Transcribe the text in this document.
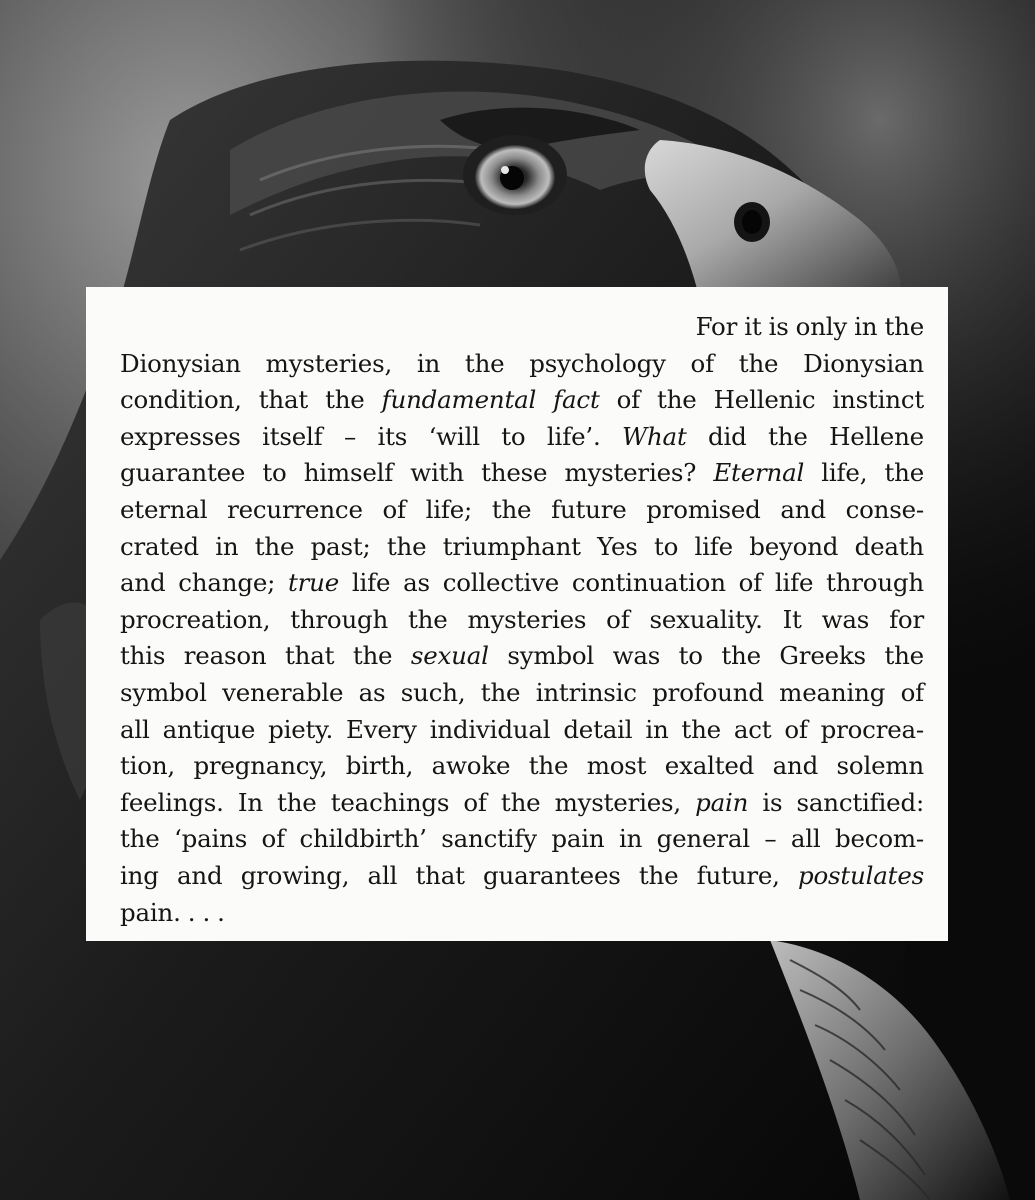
For it is only in the
Dionysian mysteries, in the psychology of the Dionysian
condition, that the fundamental fact of the Hellenic instinct
expresses itself – its ‘will to life’. What did the Hellene
guarantee to himself with these mysteries? Eternal life, the
eternal recurrence of life; the future promised and conse-
crated in the past; the triumphant Yes to life beyond death
and change; true life as collective continuation of life through
procreation, through the mysteries of sexuality. It was for
this reason that the sexual symbol was to the Greeks the
symbol venerable as such, the intrinsic profound meaning of
all antique piety. Every individual detail in the act of procrea-
tion, pregnancy, birth, awoke the most exalted and solemn
feelings. In the teachings of the mysteries, pain is sanctified:
the ‘pains of childbirth’ sanctify pain in general – all becom-
ing and growing, all that guarantees the future, postulates
pain. . . .
